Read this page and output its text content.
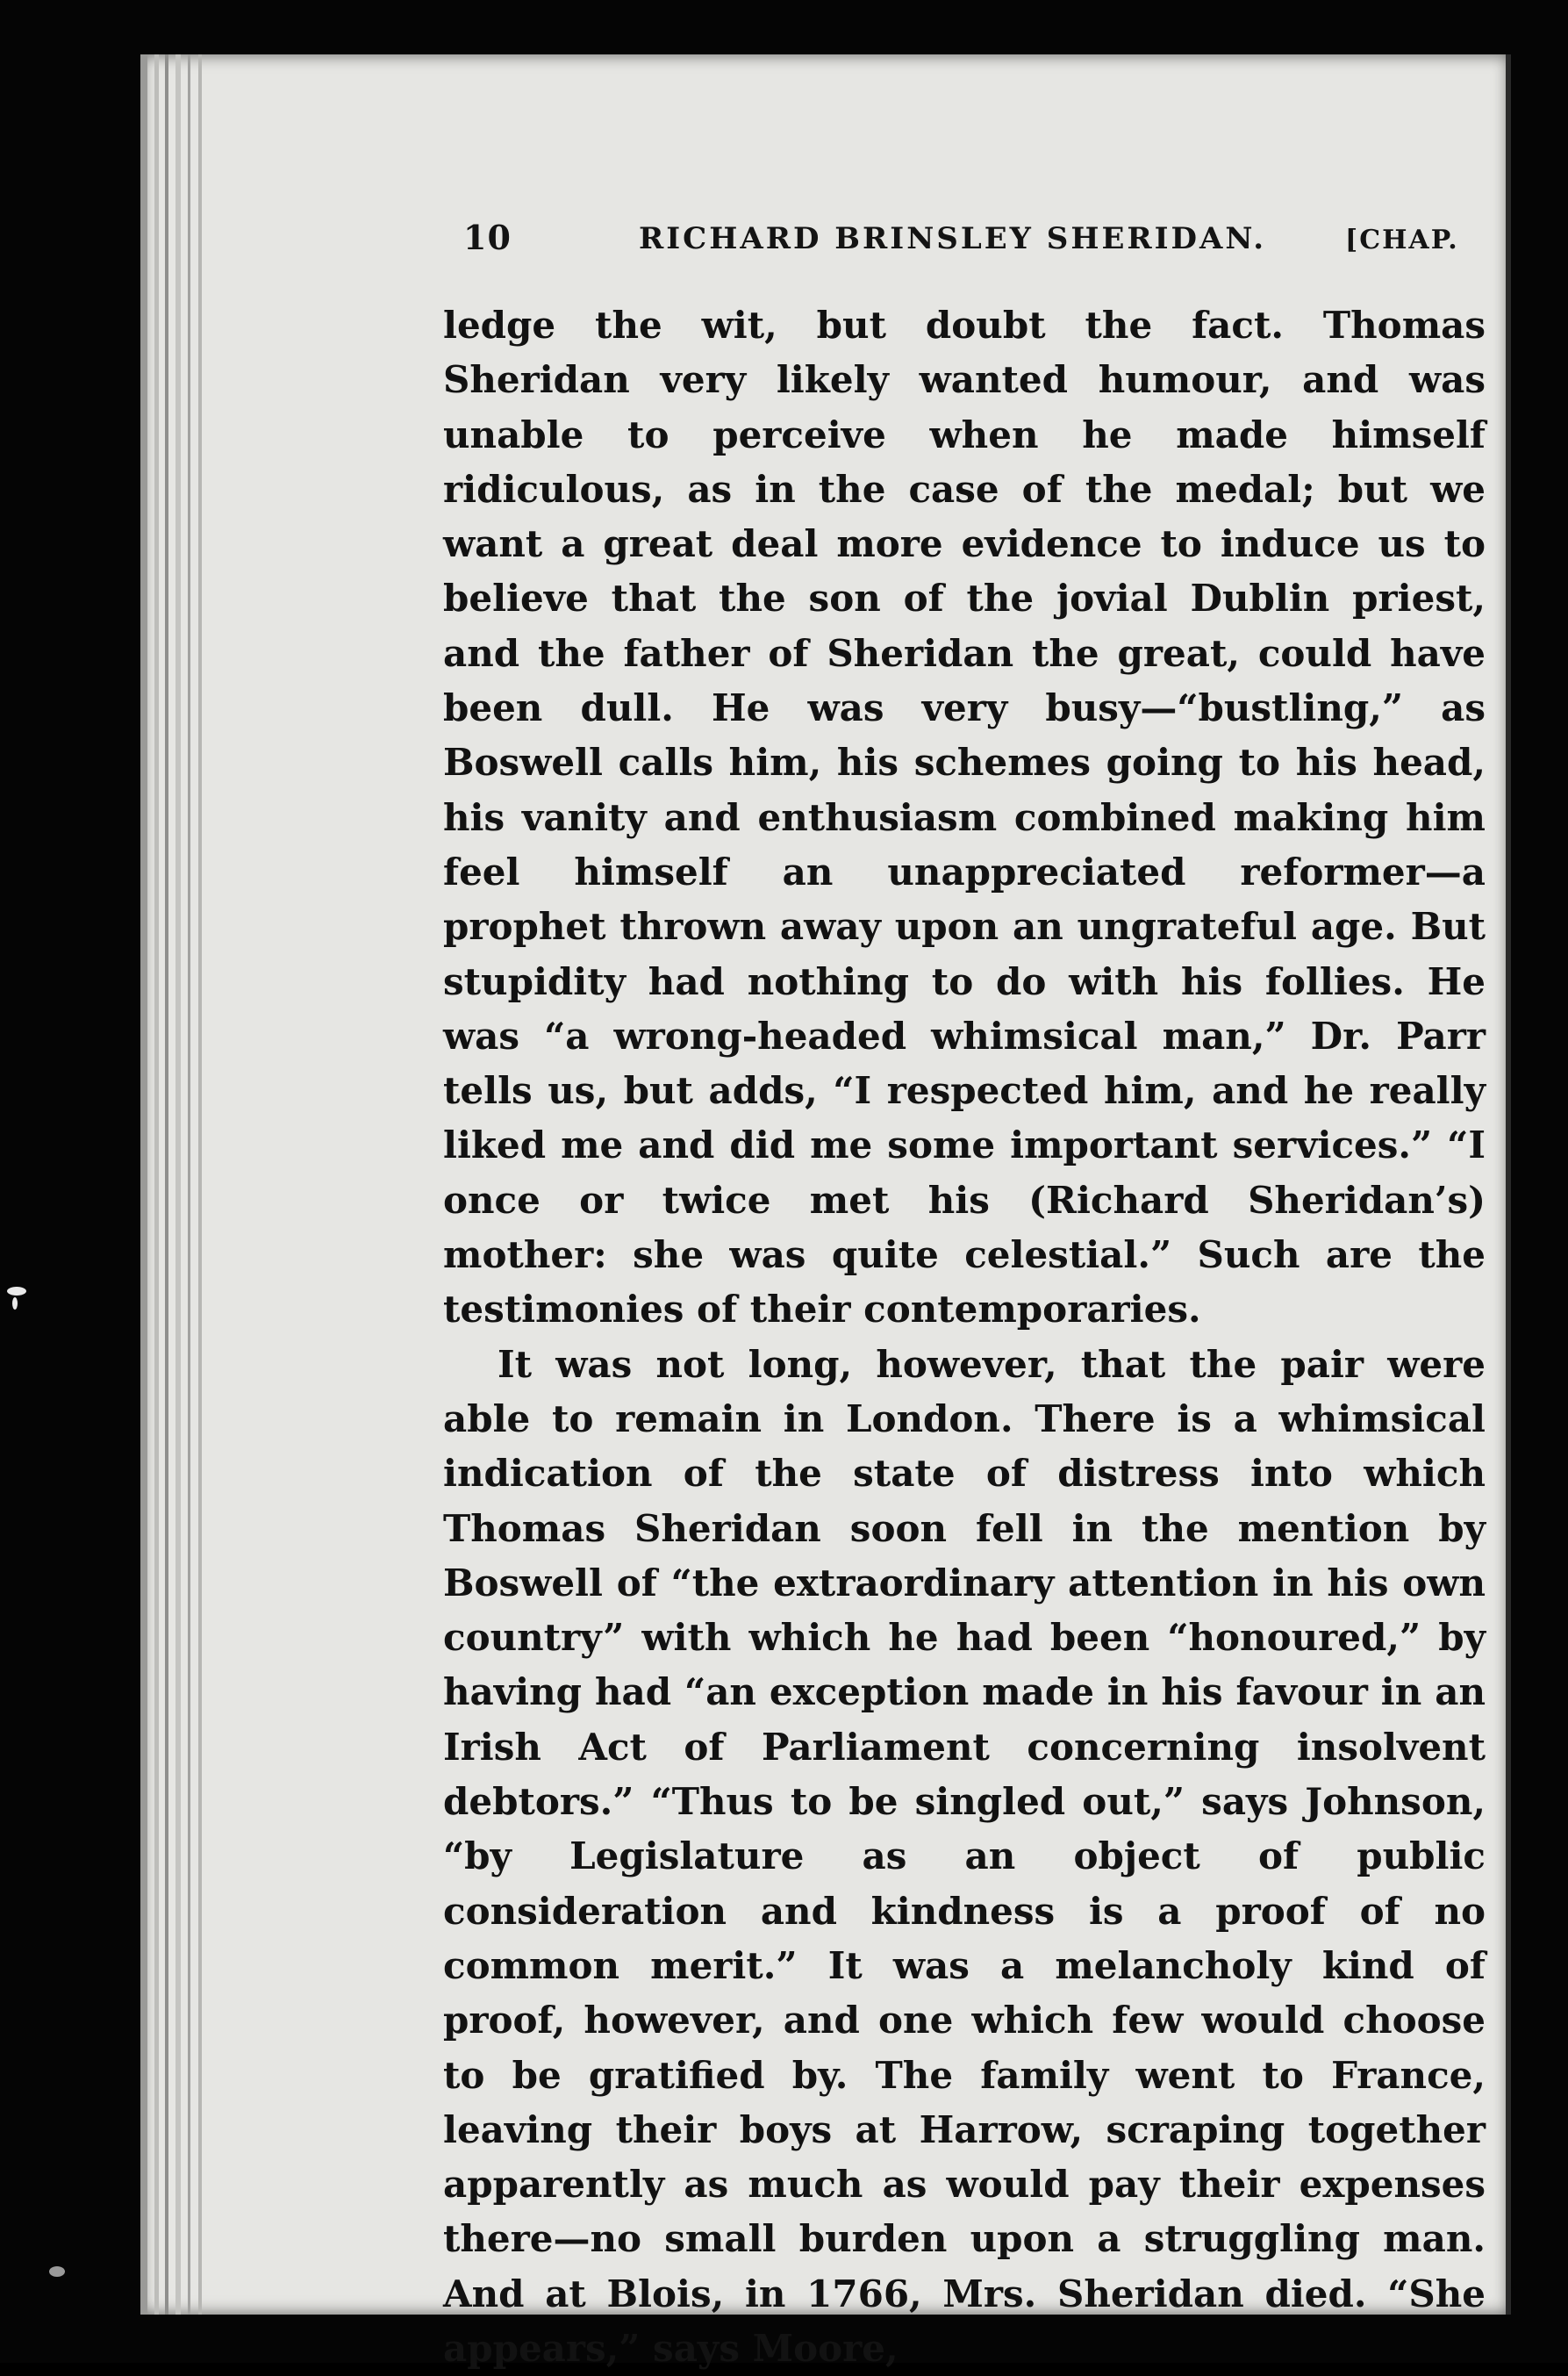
10	RICHARD BRINSLEY SHERIDAN.	[CHAP.

ledge the wit, but doubt the fact. Thomas Sheridan very likely wanted humour, and was unable to perceive when he made himself ridiculous, as in the case of the medal; but we want a great deal more evidence to induce us to believe that the son of the jovial Dublin priest, and the father of Sheridan the great, could have been dull. He was very busy—“bustling,” as Boswell calls him, his schemes going to his head, his vanity and enthusiasm combined making him feel himself an unappreciated reformer—a prophet thrown away upon an ungrateful age. But stupidity had nothing to do with his follies. He was “a wrong-headed whimsical man,” Dr. Parr tells us, but adds, “I respected him, and he really liked me and did me some important services.” “I once or twice met his (Richard Sheridan’s) mother: she was quite celestial.” Such are the testimonies of their contemporaries.

It was not long, however, that the pair were able to remain in London. There is a whimsical indication of the state of distress into which Thomas Sheridan soon fell in the mention by Boswell of “the extraordinary attention in his own country” with which he had been “honoured,” by having had “an exception made in his favour in an Irish Act of Parliament concerning insolvent debtors.” “Thus to be singled out,” says Johnson, “by Legislature as an object of public consideration and kindness is a proof of no common merit.” It was a melancholy kind of proof, however, and one which few would choose to be gratified by. The family went to France, leaving their boys at Harrow, scraping together apparently as much as would pay their expenses there—no small burden upon a struggling man. And at Blois, in 1766, Mrs. Sheridan died. “She appears,” says Moore,
